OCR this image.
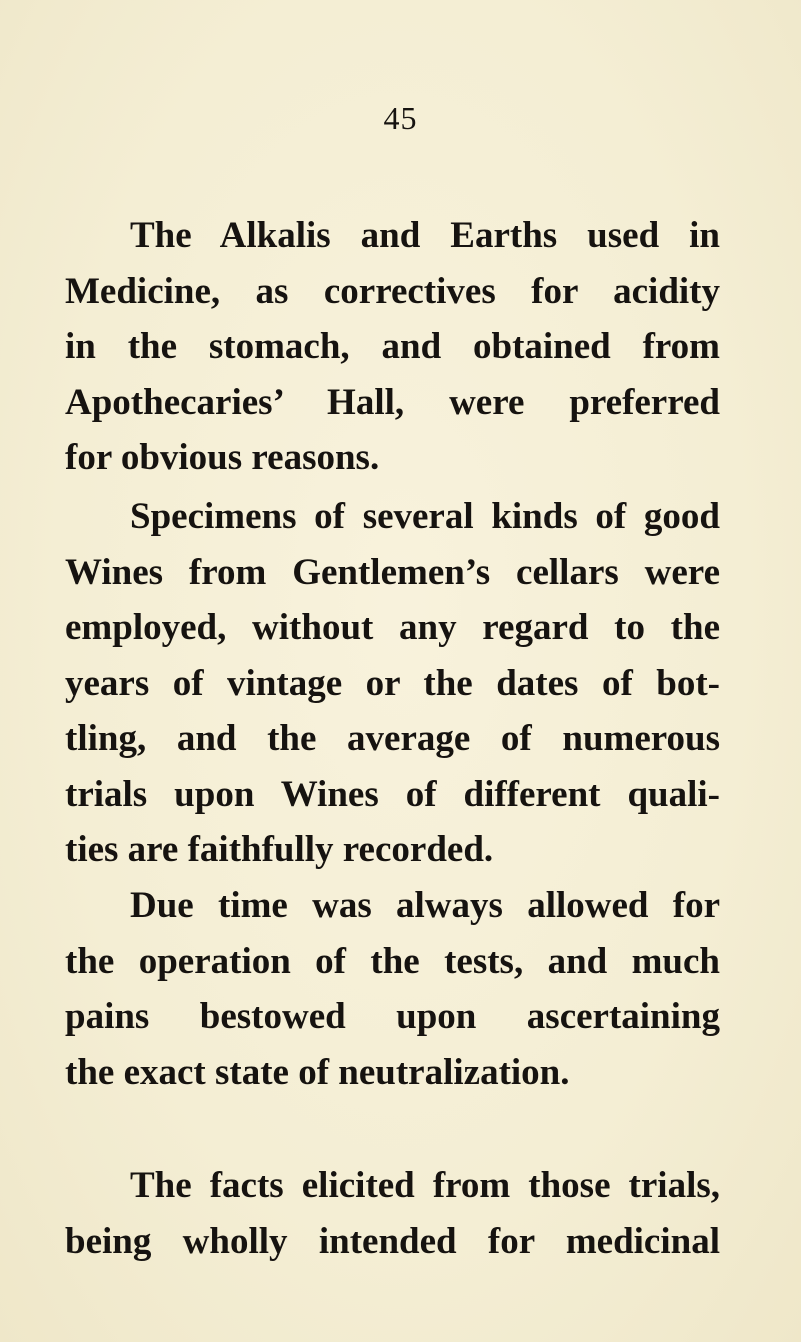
45
The Alkalis and Earths used in
Medicine, as correctives for acidity
in the stomach, and obtained from
Apothecaries’ Hall, were preferred
for obvious reasons.
Specimens of several kinds of good
Wines from Gentlemen’s cellars were
employed, without any regard to the
years of vintage or the dates of bot-
tling, and the average of numerous
trials upon Wines of different quali-
ties are faithfully recorded.
Due time was always allowed for
the operation of the tests, and much
pains bestowed upon ascertaining
the exact state of neutralization.
The facts elicited from those trials,
being wholly intended for medicinal
